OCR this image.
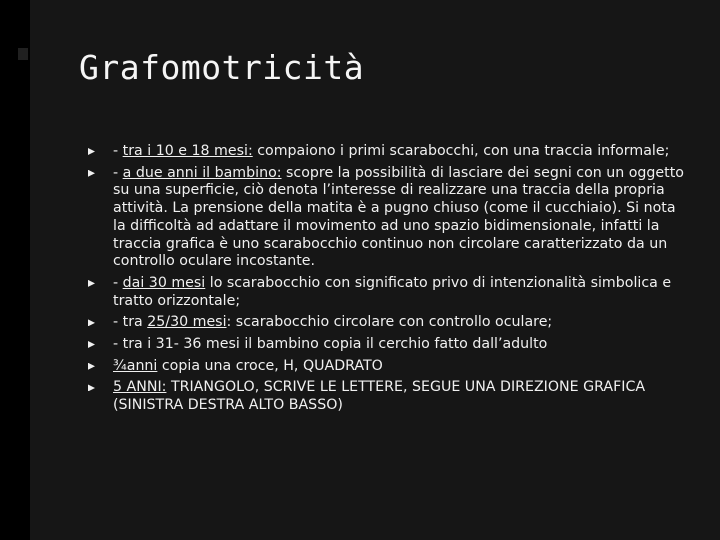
Grafomotricità
- tra i 10 e 18 mesi: compaiono i primi scarabocchi, con una traccia informale;
- a due anni il bambino: scopre la possibilità di lasciare dei segni con un oggetto su una superficie, ciò denota l’interesse di realizzare una traccia della propria attività. La prensione della matita è a pugno chiuso (come il cucchiaio). Si nota la difficoltà ad adattare il movimento ad uno spazio bidimensionale, infatti la traccia grafica è uno scarabocchio continuo non circolare caratterizzato da un controllo oculare incostante.
- dai 30 mesi lo scarabocchio con significato privo di intenzionalità simbolica e tratto orizzontale;
- tra 25/30 mesi: scarabocchio circolare con controllo oculare;
- tra i 31- 36 mesi il bambino copia il cerchio fatto dall’adulto
¾anni copia una croce, H, QUADRATO
5 ANNI: TRIANGOLO, SCRIVE LE LETTERE, SEGUE UNA DIREZIONE GRAFICA (SINISTRA DESTRA ALTO BASSO)
